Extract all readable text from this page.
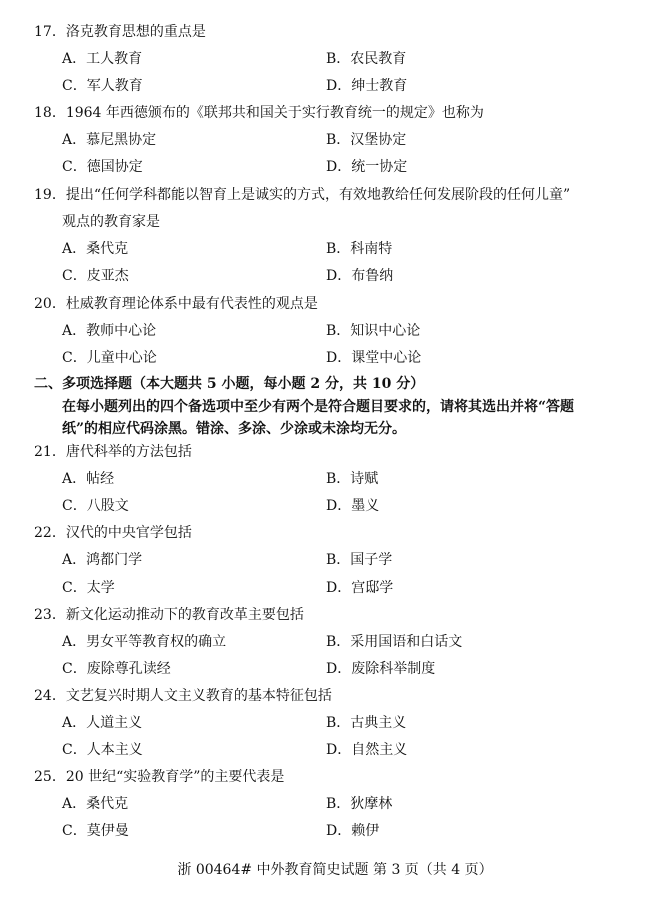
17．洛克教育思想的重点是
A．工人教育	B．农民教育
C．军人教育	D．绅士教育
18．1964 年西德颁布的《联邦共和国关于实行教育统一的规定》也称为
A．慕尼黑协定	B．汉堡协定
C．德国协定	D．统一协定
19．提出“任何学科都能以智育上是诚实的方式，有效地教给任何发展阶段的任何儿童”
观点的教育家是
A．桑代克	B．科南特
C．皮亚杰	D．布鲁纳
20．杜威教育理论体系中最有代表性的观点是
A．教师中心论	B．知识中心论
C．儿童中心论	D．课堂中心论
二、多项选择题（本大题共 5 小题，每小题 2 分，共 10 分）
在每小题列出的四个备选项中至少有两个是符合题目要求的，请将其选出并将“答题
纸”的相应代码涂黑。错涂、多涂、少涂或未涂均无分。
21．唐代科举的方法包括
A．帖经	B．诗赋
C．八股文	D．墨义
22．汉代的中央官学包括
A．鸿都门学	B．国子学
C．太学	D．宫邸学
23．新文化运动推动下的教育改革主要包括
A．男女平等教育权的确立	B．采用国语和白话文
C．废除尊孔读经	D．废除科举制度
24．文艺复兴时期人文主义教育的基本特征包括
A．人道主义	B．古典主义
C．人本主义	D．自然主义
25．20 世纪“实验教育学”的主要代表是
A．桑代克	B．狄摩林
C．莫伊曼	D．赖伊
浙 00464# 中外教育简史试题 第 3 页（共 4 页）
